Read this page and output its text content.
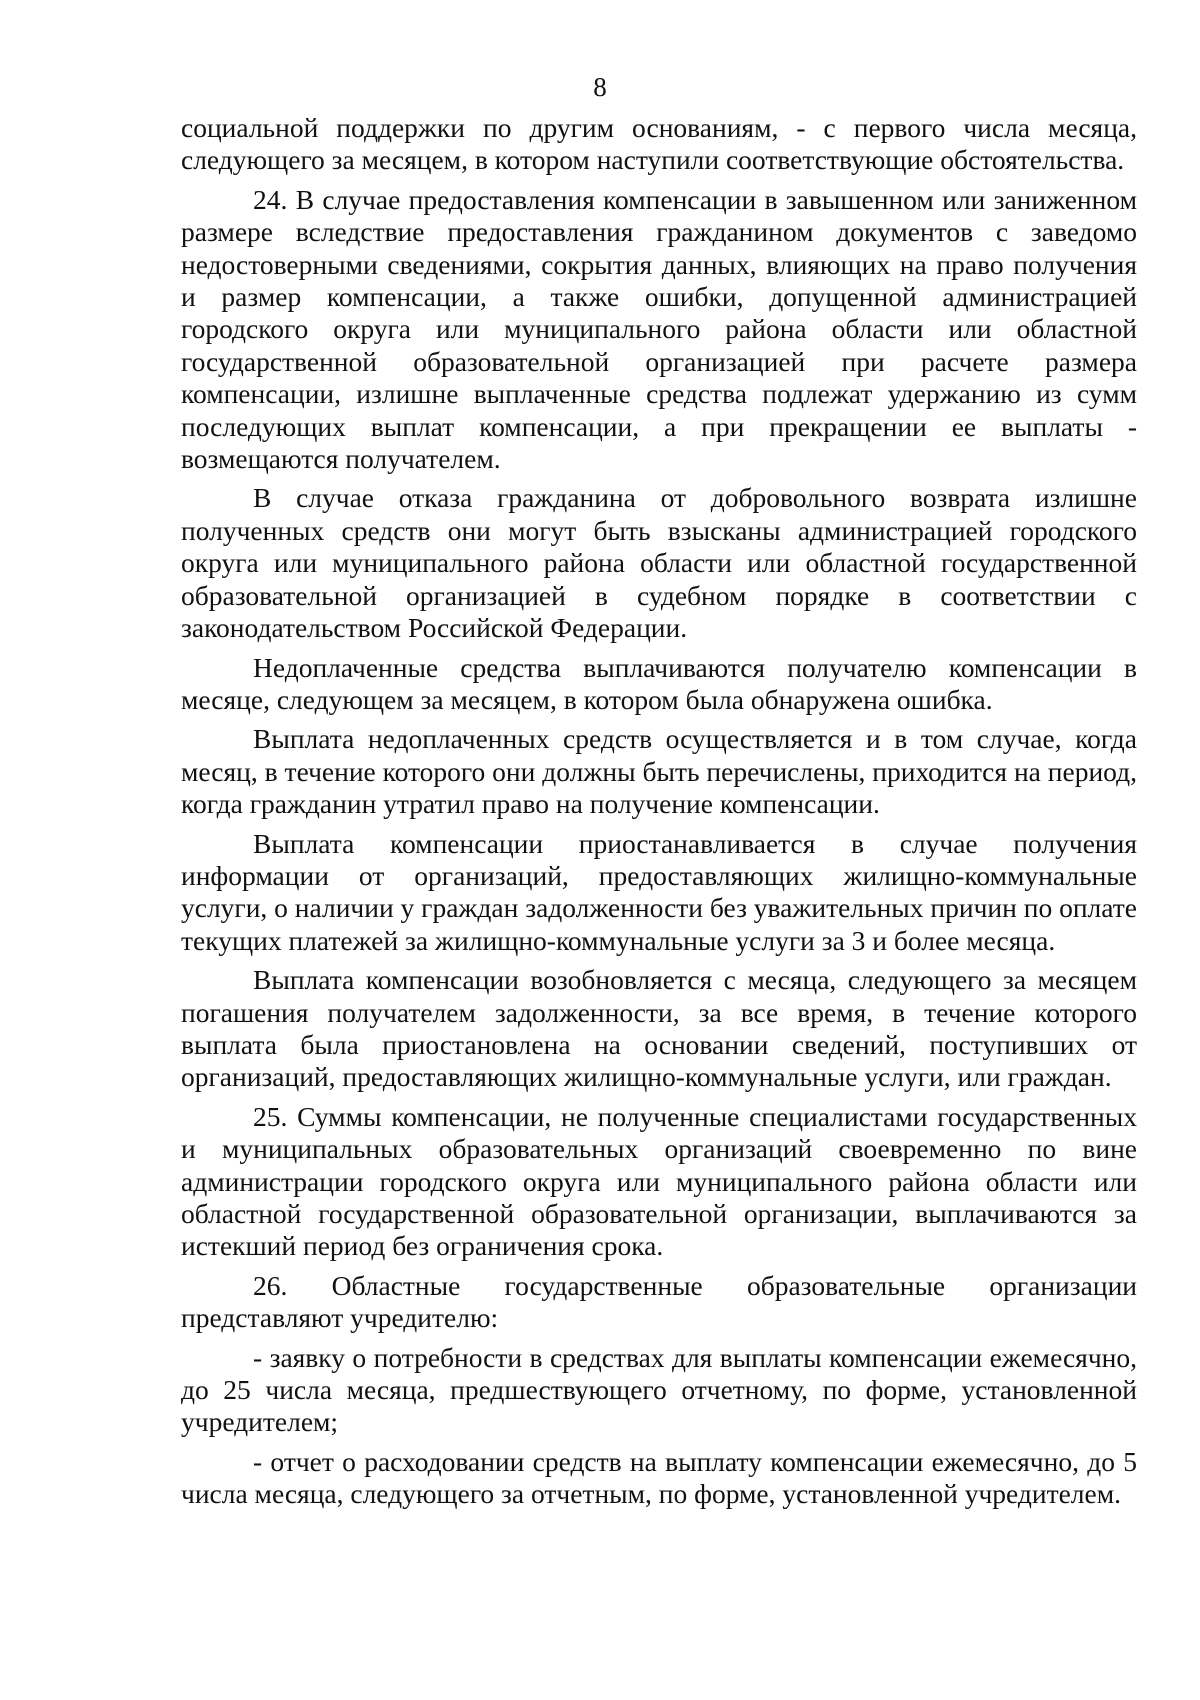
8

социальной поддержки по другим основаниям, - с первого числа месяца, следующего за месяцем, в котором наступили соответствующие обстоятельства.

24. В случае предоставления компенсации в завышенном или заниженном размере вследствие предоставления гражданином документов с заведомо недостоверными сведениями, сокрытия данных, влияющих на право получения и размер компенсации, а также ошибки, допущенной администрацией городского округа или муниципального района области или областной государственной образовательной организацией при расчете размера компенсации, излишне выплаченные средства подлежат удержанию из сумм последующих выплат компенсации, а при прекращении ее выплаты - возмещаются получателем.

В случае отказа гражданина от добровольного возврата излишне полученных средств они могут быть взысканы администрацией городского округа или муниципального района области или областной государственной образовательной организацией в судебном порядке в соответствии с законодательством Российской Федерации.

Недоплаченные средства выплачиваются получателю компенсации в месяце, следующем за месяцем, в котором была обнаружена ошибка.

Выплата недоплаченных средств осуществляется и в том случае, когда месяц, в течение которого они должны быть перечислены, приходится на период, когда гражданин утратил право на получение компенсации.

Выплата компенсации приостанавливается в случае получения информации от организаций, предоставляющих жилищно-коммунальные услуги, о наличии у граждан задолженности без уважительных причин по оплате текущих платежей за жилищно-коммунальные услуги за 3 и более месяца.

Выплата компенсации возобновляется с месяца, следующего за месяцем погашения получателем задолженности, за все время, в течение которого выплата была приостановлена на основании сведений, поступивших от организаций, предоставляющих жилищно-коммунальные услуги, или граждан.

25. Суммы компенсации, не полученные специалистами государственных и муниципальных образовательных организаций своевременно по вине администрации городского округа или муниципального района области или областной государственной образовательной организации, выплачиваются за истекший период без ограничения срока.

26. Областные государственные образовательные организации представляют учредителю:

- заявку о потребности в средствах для выплаты компенсации ежемесячно, до 25 числа месяца, предшествующего отчетному, по форме, установленной учредителем;

- отчет о расходовании средств на выплату компенсации ежемесячно, до 5 числа месяца, следующего за отчетным, по форме, установленной учредителем.
